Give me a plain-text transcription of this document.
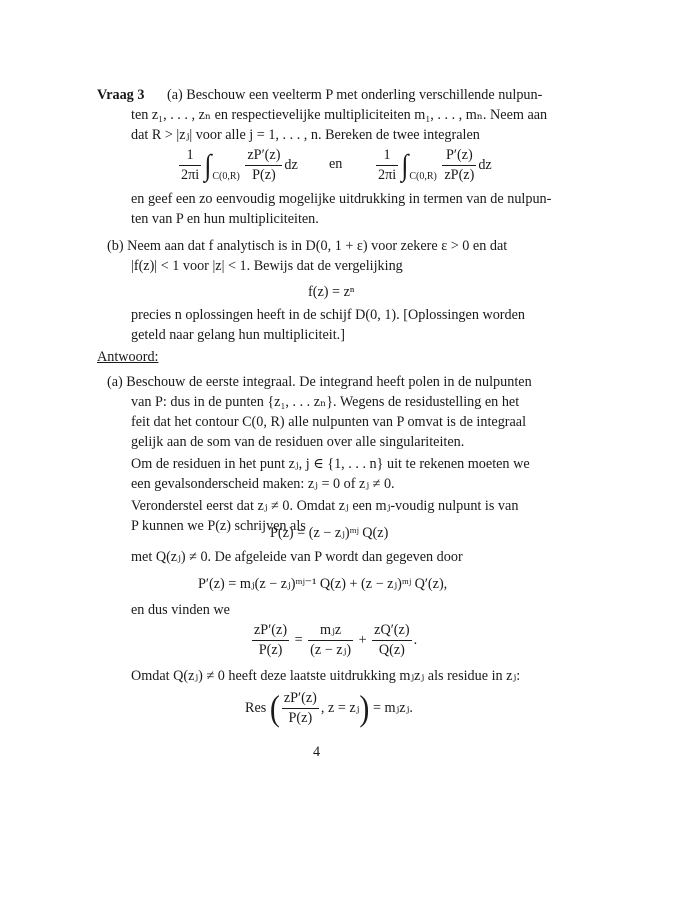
Vraag 3 (a) Beschouw een veelterm P met onderling verschillende nulpun-
ten z₁, . . . , zₙ en respectievelijke multipliciteiten m₁, . . . , mₙ. Neem aan
dat R > |zⱼ| voor alle j = 1, . . . , n. Bereken de twee integralen
$\frac{1}{2\pi i} \int_{C(0,R)} \frac{zP'(z)}{P(z)}$ dz en $\frac{1}{2\pi i} \int_{C(0,R)} \frac{P'(z)}{zP(z)}$ dz
en geef een zo eenvoudig mogelijke uitdrukking in termen van de nulpun-
ten van P en hun multipliciteiten.
(b) Neem aan dat f analytisch is in D(0, 1 + ε) voor zekere ε > 0 en dat
|f(z)| < 1 voor |z| < 1. Bewijs dat de vergelijking
f(z) = zⁿ
precies n oplossingen heeft in de schijf D(0, 1). [Oplossingen worden
geteld naar gelang hun multipliciteit.]
Antwoord:
(a) Beschouw de eerste integraal. De integrand heeft polen in de nulpunten
van P: dus in de punten {z₁, . . . zₙ}. Wegens de residustelling en het
feit dat het contour C(0, R) alle nulpunten van P omvat is de integraal
gelijk aan de som van de residuen over alle singulariteiten.
Om de residuen in het punt zⱼ, j ∈ {1, . . . n} uit te rekenen moeten we
een gevalsonderscheid maken: zⱼ = 0 of zⱼ ≠ 0.
Veronderstel eerst dat zⱼ ≠ 0. Omdat zⱼ een mⱼ-voudig nulpunt is van
P kunnen we P(z) schrijven als
P(z) = (z − zⱼ)ᵐʲ Q(z)
met Q(zⱼ) ≠ 0. De afgeleide van P wordt dan gegeven door
P′(z) = mⱼ(z − zⱼ)ᵐʲ⁻¹ Q(z) + (z − zⱼ)ᵐʲ Q′(z),
en dus vinden we
$\frac{zP'(z)}{P(z)} = \frac{\text{mⱼz}}{\text{(z − zⱼ)}} + \frac{zQ'(z)}{Q(z)}$ .
Omdat Q(zⱼ) ≠ 0 heeft deze laatste uitdrukking mⱼzⱼ als residue in zⱼ:
Res ( $\frac{zP'(z)}{P(z)}$ , z = zⱼ) = mⱼzⱼ.
4
